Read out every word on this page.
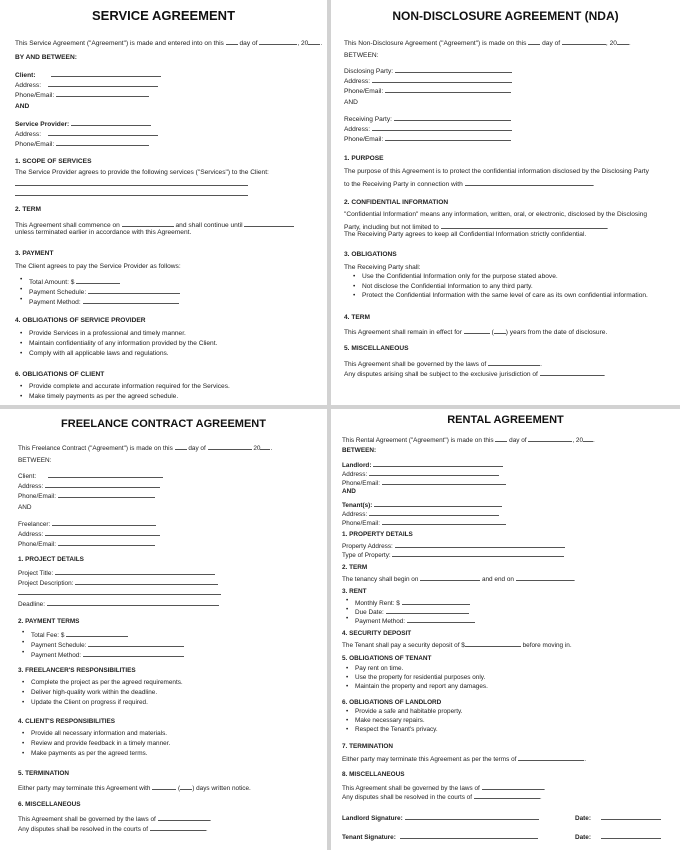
SERVICE AGREEMENT
This Service Agreement ("Agreement") is made and entered into on this day of	, 20 .
BY AND BETWEEN:
Client:
Address:
Phone/Email:
AND
Service Provider:
Address:
Phone/Email:
1. SCOPE OF SERVICES
The Service Provider agrees to provide the following services ("Services") to the Client:
2. TERM
This Agreement shall commence on	and shall continue until
unless terminated earlier in accordance with this Agreement.
3. PAYMENT
The Client agrees to pay the Service Provider as follows:
• Total Amount: $
• Payment Schedule:
• Payment Method:
4. OBLIGATIONS OF SERVICE PROVIDER
• Provide Services in a professional and timely manner.
• Maintain confidentiality of any information provided by the Client.
• Comply with all applicable laws and regulations.
6. OBLIGATIONS OF CLIENT
• Provide complete and accurate information required for the Services.
• Make timely payments as per the agreed schedule.
NON-DISCLOSURE AGREEMENT (NDA)
This Non-Disclosure Agreement ("Agreement") is made on this day of	, 20 .
BETWEEN:
Disclosing Party:
Address:
Phone/Email:
AND
Receiving Party:
Address:
Phone/Email:
1. PURPOSE
The purpose of this Agreement is to protect the confidential information disclosed by the Disclosing Party
to the Receiving Party in connection with	.
2. CONFIDENTIAL INFORMATION
"Confidential Information" means any information, written, oral, or electronic, disclosed by the Disclosing
Party, including but not limited to	.
The Receiving Party agrees to keep all Confidential Information strictly confidential.
3. OBLIGATIONS
The Receiving Party shall:
• Use the Confidential Information only for the purpose stated above.
• Not disclose the Confidential Information to any third party.
• Protect the Confidential Information with the same level of care as its own confidential information.
4. TERM
This Agreement shall remain in effect for	( ) years from the date of disclosure.
5. MISCELLANEOUS
This Agreement shall be governed by the laws of	.
Any disputes arising shall be subject to the exclusive jurisdiction of	.
FREELANCE CONTRACT AGREEMENT
This Freelance Contract ("Agreement") is made on this day of	20 .
BETWEEN:
Client:
Address:
Phone/Email:
AND
Freelancer:
Address:
Phone/Email:
1. PROJECT DETAILS
Project Title:
Project Description:
Deadline:
2. PAYMENT TERMS
• Total Fee: $
• Payment Schedule:
• Payment Method:
3. FREELANCER'S RESPONSIBILITIES
• Complete the project as per the agreed requirements.
• Deliver high-quality work within the deadline.
• Update the Client on progress if required.
4. CLIENT'S RESPONSIBILITIES
• Provide all necessary information and materials.
• Review and provide feedback in a timely manner.
• Make payments as per the agreed terms.
5. TERMINATION
Either party may terminate this Agreement with	( ) days written notice.
6. MISCELLANEOUS
This Agreement shall be governed by the laws of	.
Any disputes shall be resolved in the courts of	.
RENTAL AGREEMENT
This Rental Agreement ("Agreement") is made on this day of	, 20 .
BETWEEN:
Landlord:
Address:
Phone/Email:
AND
Tenant(s):
Address:
Phone/Email:
1. PROPERTY DETAILS
Property Address:
Type of Property:
2. TERM
The tenancy shall begin on	and end on	.
3. RENT
• Monthly Rent: $
• Due Date:
• Payment Method:
4. SECURITY DEPOSIT
The Tenant shall pay a security deposit of $	before moving in.
5. OBLIGATIONS OF TENANT
• Pay rent on time.
• Use the property for residential purposes only.
• Maintain the property and report any damages.
6. OBLIGATIONS OF LANDLORD
• Provide a safe and habitable property.
• Make necessary repairs.
• Respect the Tenant's privacy.
7. TERMINATION
Either party may terminate this Agreement as per the terms of	.
8. MISCELLANEOUS
This Agreement shall be governed by the laws of	.
Any disputes shall be resolved in the courts of	.
Landlord Signature:	Date:
Tenant Signature:	Date:
